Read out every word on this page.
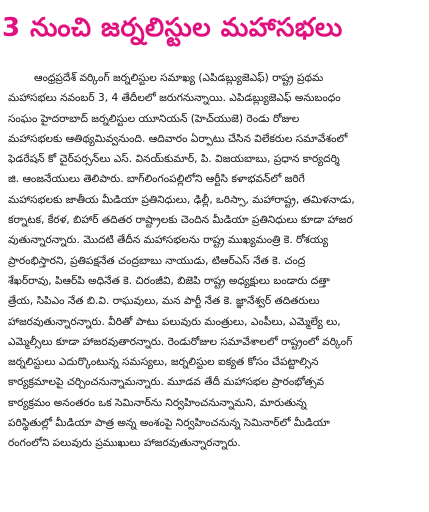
3 నుంచి జర్నలిస్టుల మహాసభలు
ఆంధ్రప్రదేశ్ వర్కింగ్ జర్నలిస్టుల సమాఖ్య (ఎపిడబ్ల్యుజెఎఫ్) రాష్ట్ర ప్రథమ
మహాసభలు నవంబర్ 3, 4 తేదీలలో జరుగనున్నాయి. ఎపిడబ్ల్యుజెఎఫ్ అనుబంధం
సంఘం హైదరాబాద్ జర్నలిస్టుల యూనియన్ (హెచ్‌యుజె) రెండు రోజుల
మహాసభలకు ఆతిథ్యమివ్వనుంది. ఆదివారం ఏర్పాటు చేసిన విలేకరుల సమావేశంలో
ఫెడరేషన్ కో చైర్‌పర్సన్‌లు ఎస్. వినయ్‌కుమార్, పి. విజయబాబు, ప్రధాన కార్యదర్శి
జి. ఆంజనేయులు తెలిపారు. బాగ్‌లింగంపల్లిలోని ఆర్టీసి కళాభవన్‌లో జరిగే
మహాసభలకు జాతీయ మీడియా ప్రతినిధులు, ఢిల్లీ, ఒరిస్సా, మహారాష్ట్ర, తమిళనాడు,
కర్నాటక, కేరళ, బిహార్ తదితర రాష్ట్రాలకు చెందిన మీడియా ప్రతినిధులు కూడా హాజర
వుతున్నారన్నారు. మొదటి తేదీన మహాసభలను రాష్ట్ర ముఖ్యమంత్రి కె. రోశయ్య
ప్రారంభిస్తారని, ప్రతిపక్షనేత చంద్రబాబు నాయుడు, టిఆర్ఎస్ నేత కె. చంద్ర
శేఖర్‌రావు, పిఆర్‌పి అధినేత కె. చిరంజీవి, బిజెపి రాష్ట్ర అధ్యక్షులు బండారు దత్తా
త్రేయ, సిపిఎం నేత బి.వి. రాఘవులు, మన పార్టీ నేత కె. జ్ఞానేశ్వర్ తదితరులు
హాజరవుతున్నారన్నారు. వీరితో పాటు పలువురు మంత్రులు, ఎంపీలు, ఎమ్మెల్యే లు,
ఎమ్మెల్సీలు కూడా హాజరవుతారన్నారు. రెండురోజుల సమావేశాలలో రాష్ట్రంలో వర్కింగ్
జర్నలిస్టులు ఎదుర్కొంటున్న సమస్యలు, జర్నలిస్టుల ఐక్యత కోసం చేపట్టాల్సిన
కార్యక్రమాలపై చర్చించనున్నామన్నారు. మూడవ తేదీ మహాసభల ప్రారంభోత్సవ
కార్యక్రమం అనంతరం ఒక సెమినార్‌ను నిర్వహించనున్నామని, మారుతున్న
పరిస్థితుల్లో మీడియా పాత్ర అన్న అంశంపై నిర్వహించనున్న సెమినార్‌లో మీడియా
రంగంలోని పలువురు ప్రముఖులు హాజరవుతున్నారన్నారు.
